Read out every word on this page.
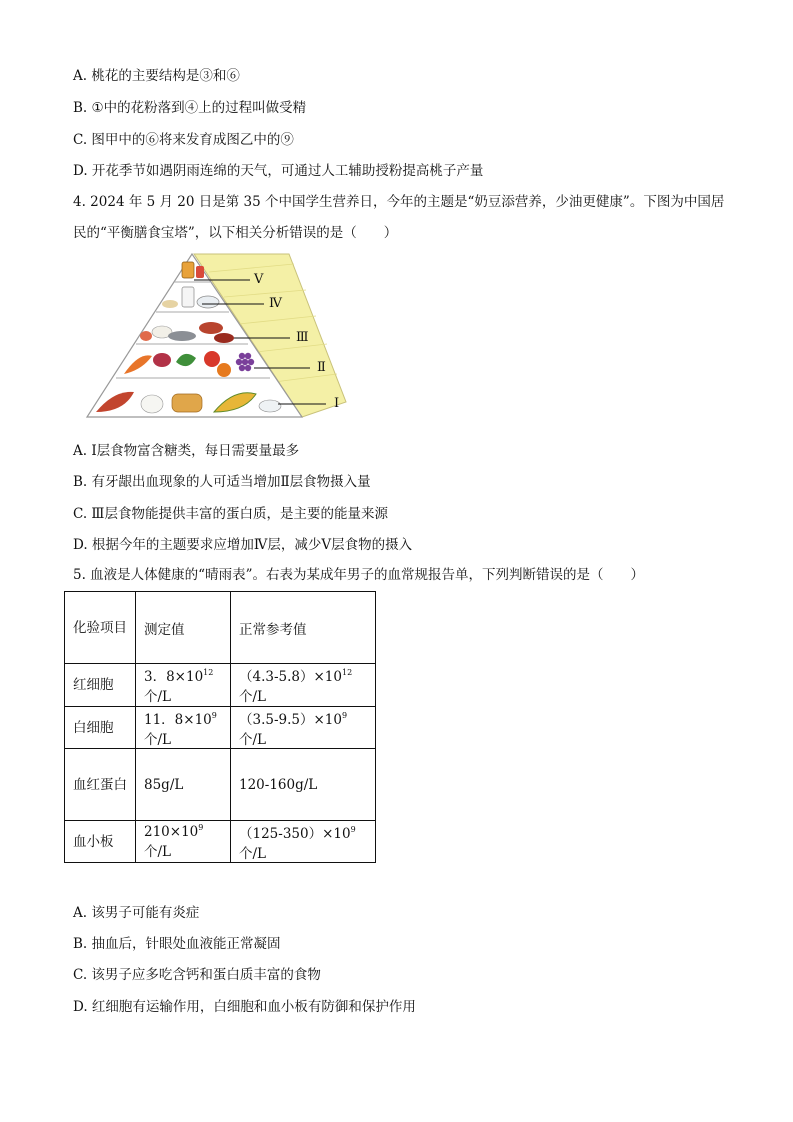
A. 桃花的主要结构是③和⑥
B. ①中的花粉落到④上的过程叫做受精
C. 图甲中的⑥将来发育成图乙中的⑨
D. 开花季节如遇阴雨连绵的天气，可通过人工辅助授粉提高桃子产量
4. 2024 年 5 月 20 日是第 35 个中国学生营养日，今年的主题是“奶豆添营养，少油更健康”。下图为中国居
民的“平衡膳食宝塔”，以下相关分析错误的是（　　）
Ⅴ
Ⅳ
Ⅲ
Ⅱ
Ⅰ
A. Ⅰ层食物富含糖类，每日需要量最多
B. 有牙龈出血现象的人可适当增加Ⅱ层食物摄入量
C. Ⅲ层食物能提供丰富的蛋白质，是主要的能量来源
D. 根据今年的主题要求应增加Ⅳ层，减少Ⅴ层食物的摄入
5. 血液是人体健康的“晴雨表”。右表为某成年男子的血常规报告单，下列判断错误的是（　　）
化验项目	测定值	正常参考值
红细胞	3．$8\times 10^{12}$ 个/L	$(4.3-5.8)\times 10^{12}$ 个/L
白细胞	11．$8\times 10^9$ 个/L	$(3.5-9.5)\times 10^9$ 个/L
血红蛋白	85g/L	120-160g/L
血小板	$210\times 10^9$ 个/L	$(125-350)\times 10^9$ 个/L
A. 该男子可能有炎症
B. 抽血后，针眼处血液能正常凝固
C. 该男子应多吃含钙和蛋白质丰富的食物
D. 红细胞有运输作用，白细胞和血小板有防御和保护作用
